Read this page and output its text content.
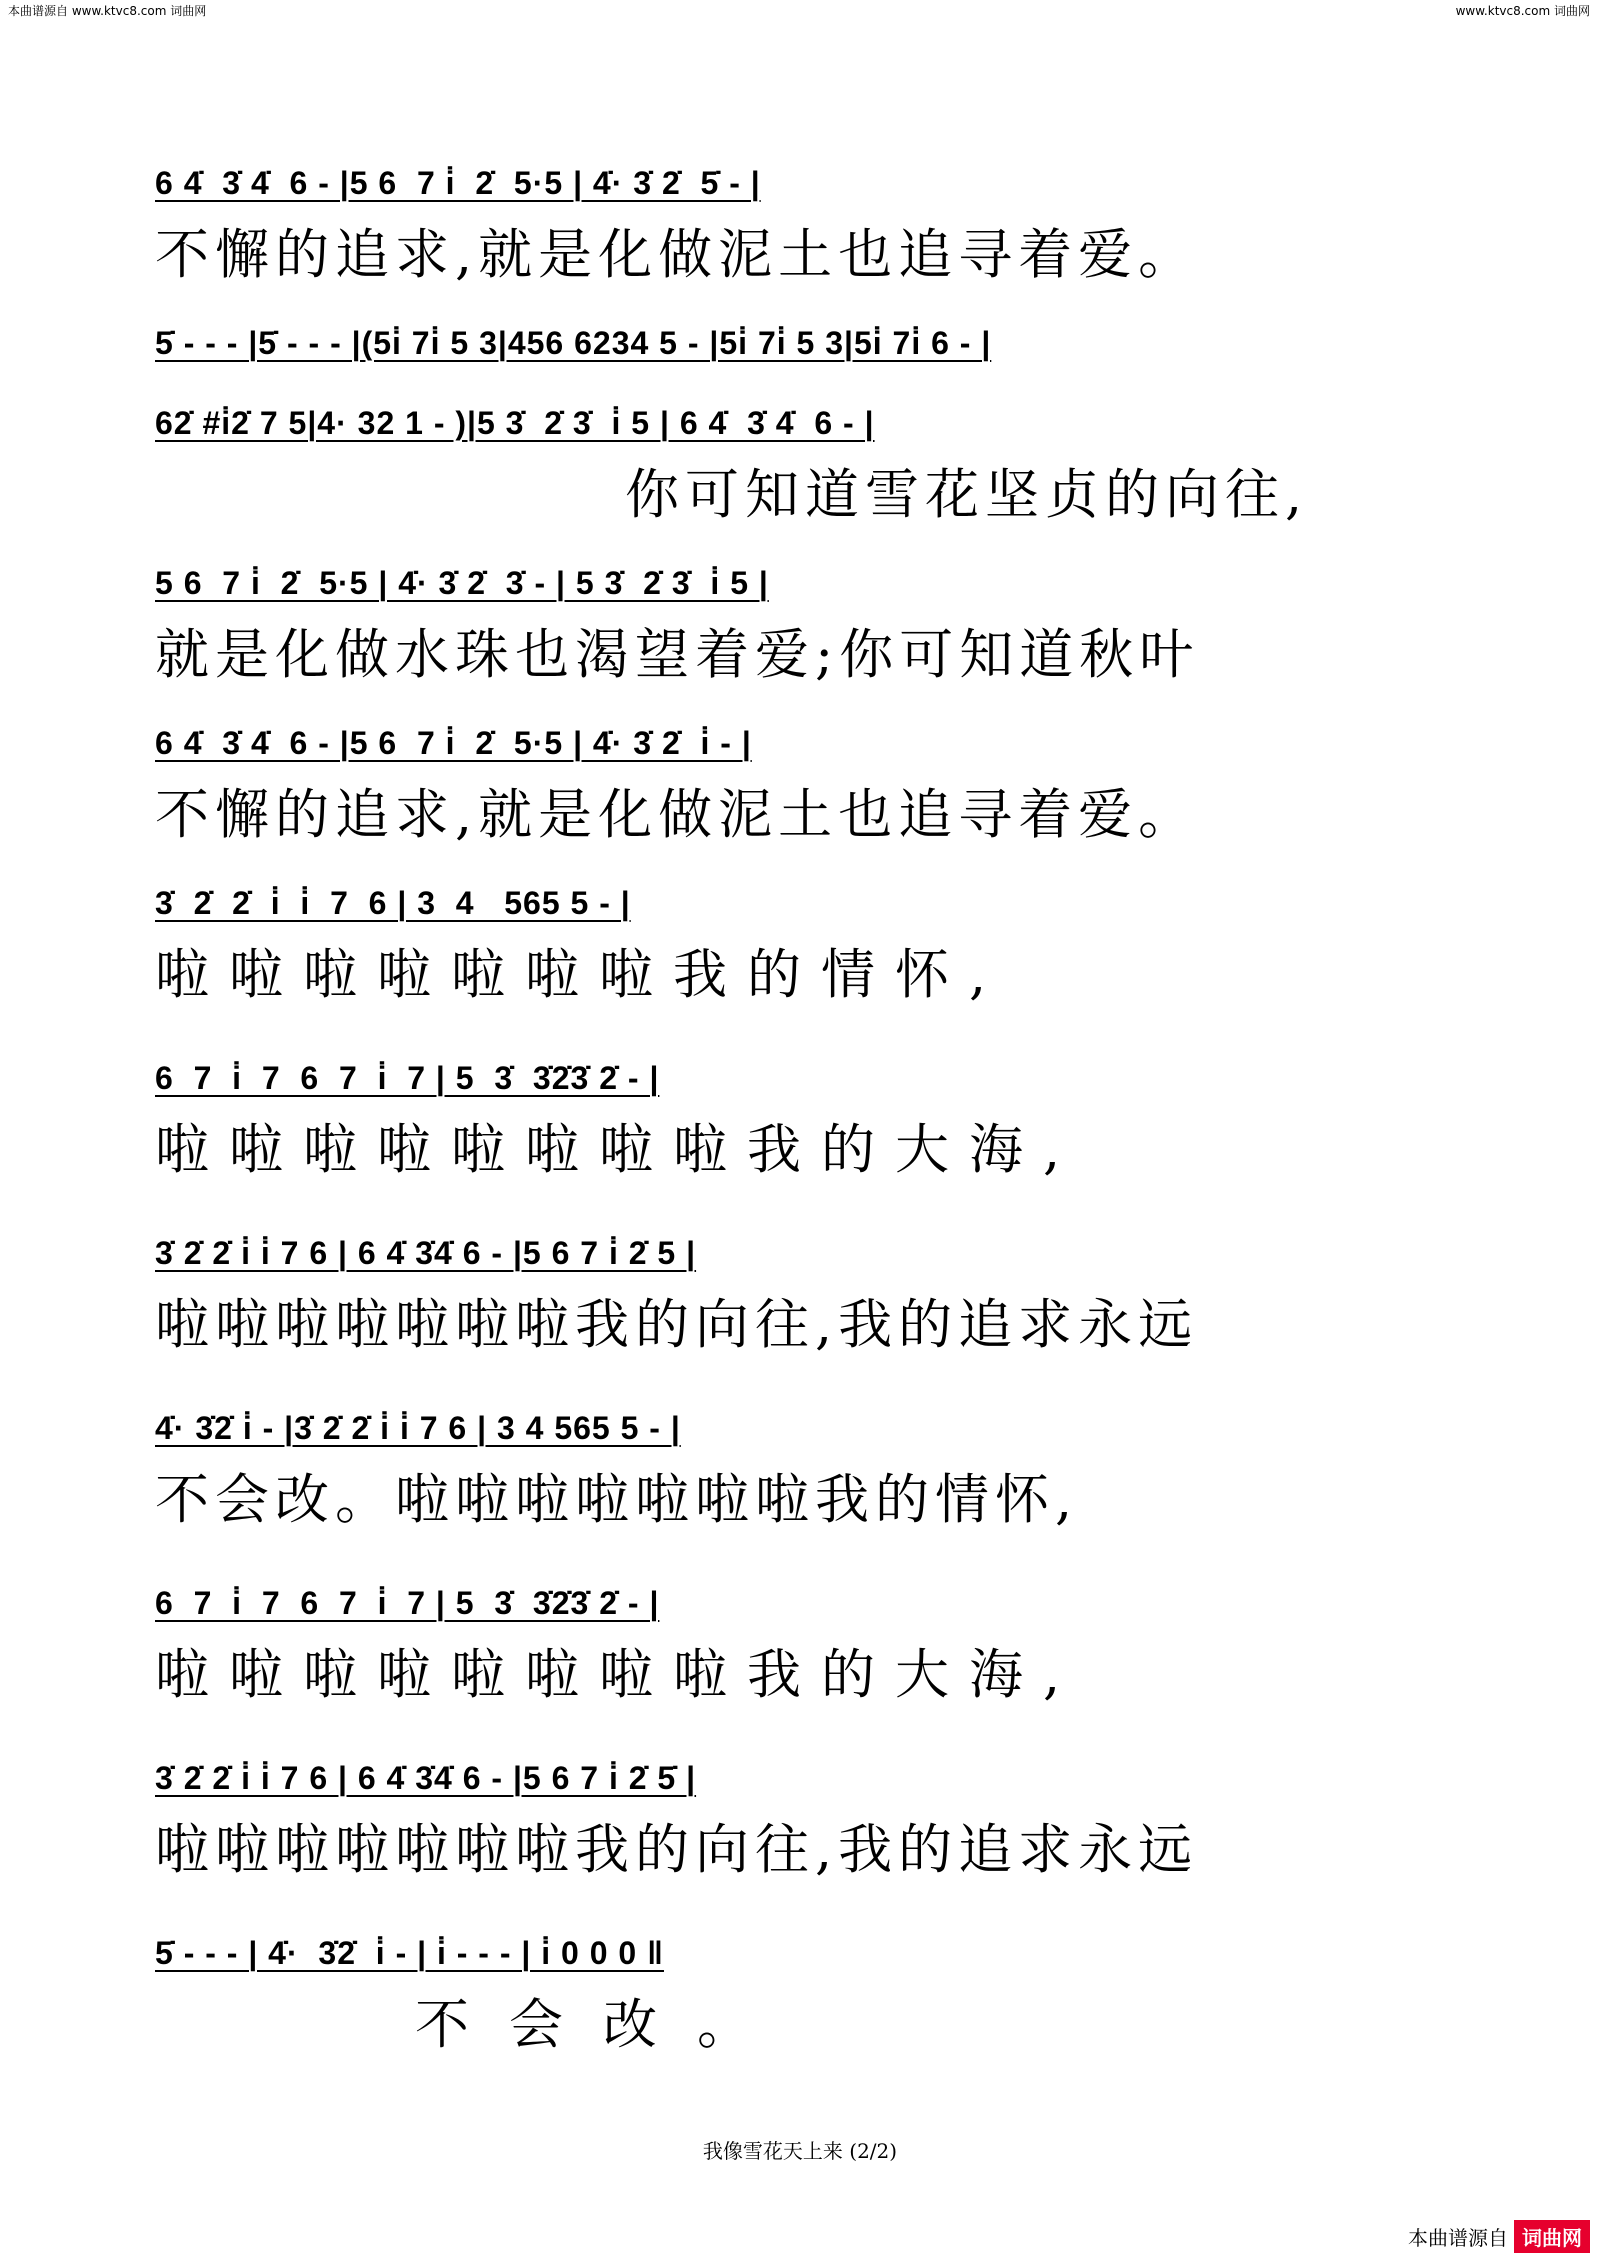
本曲谱源自 www.ktvc8.com 词曲网	www.ktvc8.com 词曲网
6 4̇  3̇ 4̇  6 - |5 6  7 i̇  2̇  5·5 | 4̇· 3̇ 2̇  5̇ - |
不懈的追求,就是化做泥土也追寻着爱。
5̇ - - - |5̇ - - - |(5i̇ 7i̇ 5 3|456 6234 5 - |5i̇ 7i̇ 5 3|5i̇ 7i̇ 6 - |
62̇ #i̇2̇ 7 5|4· 32 1 - )|5 3̇  2̇ 3̇  i̇ 5 | 6 4̇  3̇ 4̇  6 - |
你可知道雪花坚贞的向往,
5 6  7 i̇  2̇  5·5 | 4̇· 3̇ 2̇  3̇ - | 5 3̇  2̇ 3̇  i̇ 5 |
就是化做水珠也渴望着爱;你可知道秋叶
6 4̇  3̇ 4̇  6 - |5 6  7 i̇  2̇  5·5 | 4̇· 3̇ 2̇  i̇ - |
不懈的追求,就是化做泥土也追寻着爱。
3̇  2̇  2̇  i̇  i̇  7  6 | 3  4   565 5 - |
啦啦啦啦啦啦啦我的情怀,
6  7  i̇  7  6  7  i̇  7 | 5  3̇  3̇2̇3̇ 2̇ - |
啦啦啦啦啦啦啦啦我的大海,
3̇ 2̇ 2̇ i̇ i̇ 7 6 | 6 4̇ 3̇4̇ 6 - |5 6 7 i̇ 2̇ 5 |
啦啦啦啦啦啦啦我的向往,我的追求永远
4̇· 3̇2̇ i̇ - |3̇ 2̇ 2̇ i̇ i̇ 7 6 | 3 4 565 5 - |
不会改。啦啦啦啦啦啦啦我的情怀,
6  7  i̇  7  6  7  i̇  7 | 5  3̇  3̇2̇3̇ 2̇ - |
啦啦啦啦啦啦啦啦我的大海,
3̇ 2̇ 2̇ i̇ i̇ 7 6 | 6 4̇ 3̇4̇ 6 - |5 6 7 i̇ 2̇ 5̇ |
啦啦啦啦啦啦啦我的向往,我的追求永远
5̇ - - - | 4̇·  3̇2̇  i̇ - | i̇ - - - | i̇ 0 0 0 ‖
不会改。
我像雪花天上来 (2/2)
本曲谱源自 词曲网
